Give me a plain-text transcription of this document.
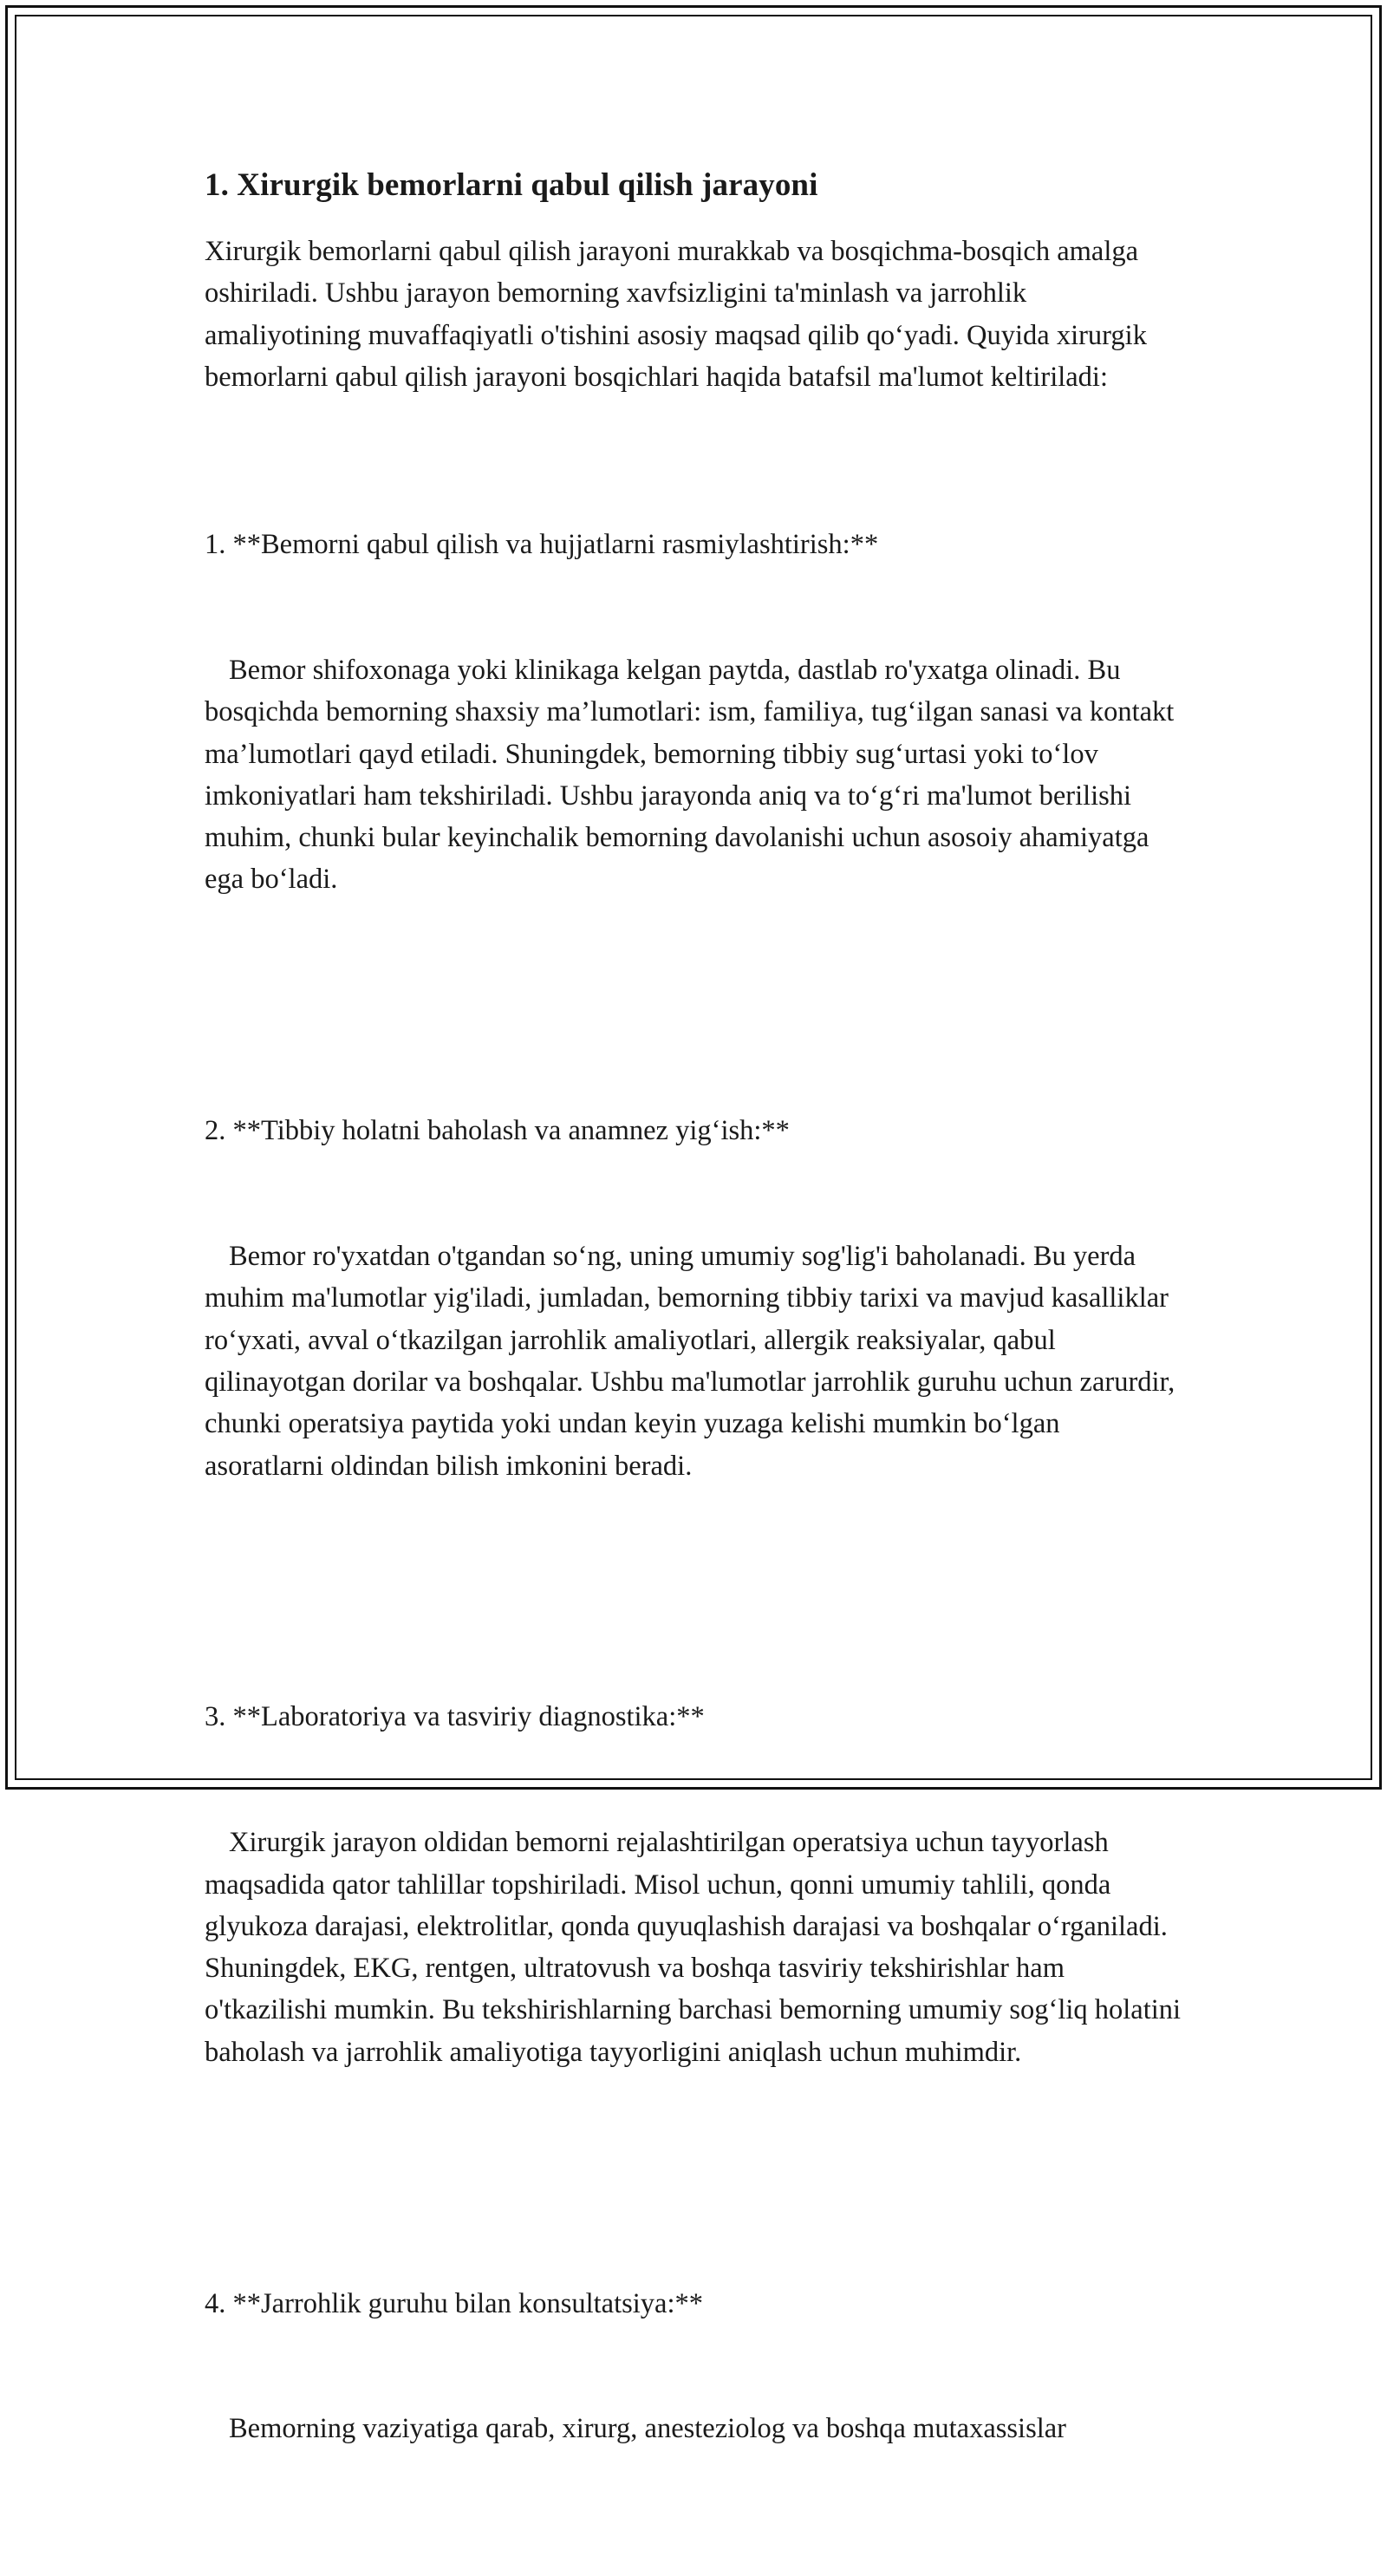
1. Xirurgik bemorlarni qabul qilish jarayoni
Xirurgik bemorlarni qabul qilish jarayoni murakkab va bosqichma-bosqich amalga oshiriladi. Ushbu jarayon bemorning xavfsizligini ta'minlash va jarrohlik amaliyotining muvaffaqiyatli o'tishini asosiy maqsad qilib qo‘yadi. Quyida xirurgik bemorlarni qabul qilish jarayoni bosqichlari haqida batafsil ma'lumot keltiriladi:

1. **Bemorni qabul qilish va hujjatlarni rasmiylashtirish:**

Bemor shifoxonaga yoki klinikaga kelgan paytda, dastlab ro'yxatga olinadi. Bu bosqichda bemorning shaxsiy ma’lumotlari: ism, familiya, tug‘ilgan sanasi va kontakt ma’lumotlari qayd etiladi. Shuningdek, bemorning tibbiy sug‘urtasi yoki to‘lov imkoniyatlari ham tekshiriladi. Ushbu jarayonda aniq va to‘g‘ri ma'lumot berilishi muhim, chunki bular keyinchalik bemorning davolanishi uchun asosoiy ahamiyatga ega bo‘ladi.

2. **Tibbiy holatni baholash va anamnez yig‘ish:**

Bemor ro'yxatdan o'tgandan so‘ng, uning umumiy sog'lig'i baholanadi. Bu yerda muhim ma'lumotlar yig'iladi, jumladan, bemorning tibbiy tarixi va mavjud kasalliklar ro‘yxati, avval o‘tkazilgan jarrohlik amaliyotlari, allergik reaksiyalar, qabul qilinayotgan dorilar va boshqalar. Ushbu ma'lumotlar jarrohlik guruhu uchun zarurdir, chunki operatsiya paytida yoki undan keyin yuzaga kelishi mumkin bo‘lgan asoratlarni oldindan bilish imkonini beradi.

3. **Laboratoriya va tasviriy diagnostika:**

Xirurgik jarayon oldidan bemorni rejalashtirilgan operatsiya uchun tayyorlash maqsadida qator tahlillar topshiriladi. Misol uchun, qonni umumiy tahlili, qonda glyukoza darajasi, elektrolitlar, qonda quyuqlashish darajasi va boshqalar o‘rganiladi. Shuningdek, EKG, rentgen, ultratovush va boshqa tasviriy tekshirishlar ham o'tkazilishi mumkin. Bu tekshirishlarning barchasi bemorning umumiy sog‘liq holatini baholash va jarrohlik amaliyotiga tayyorligini aniqlash uchun muhimdir.

4. **Jarrohlik guruhu bilan konsultatsiya:**

Bemorning vaziyatiga qarab, xirurg, anesteziolog va boshqa mutaxassislar
